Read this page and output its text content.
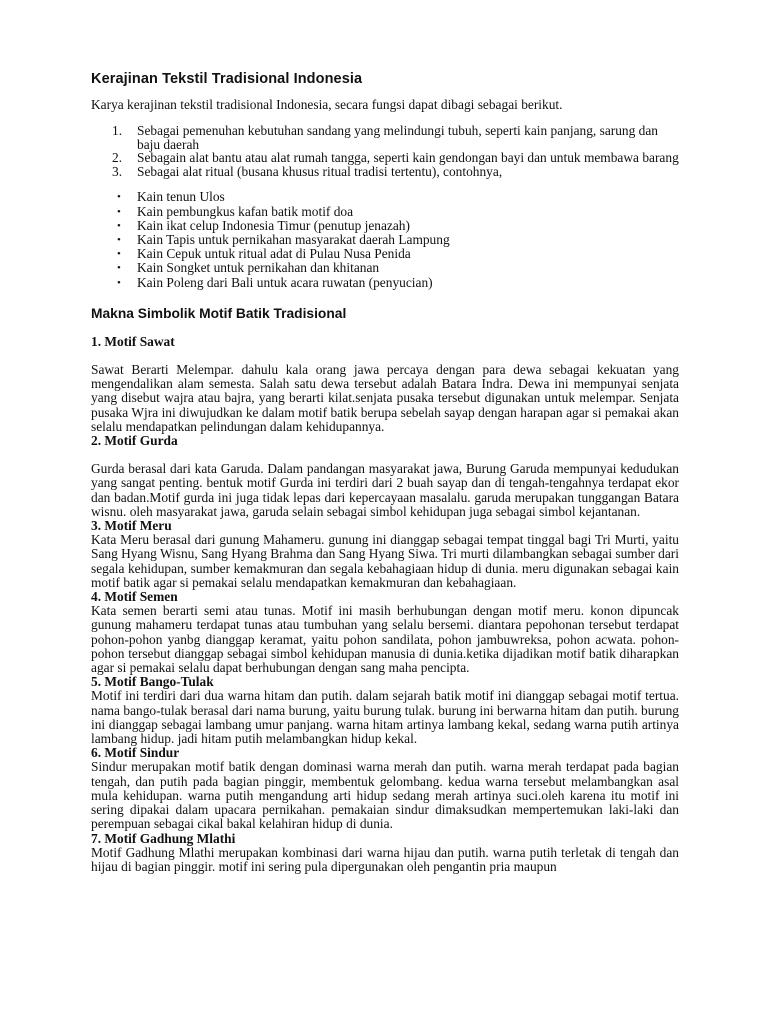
Kerajinan Tekstil Tradisional Indonesia

Karya kerajinan tekstil tradisional Indonesia, secara fungsi dapat dibagi sebagai berikut.

1. Sebagai pemenuhan kebutuhan sandang yang melindungi tubuh, seperti kain panjang, sarung dan baju daerah
2. Sebagain alat bantu atau alat rumah tangga, seperti kain gendongan bayi dan untuk membawa barang
3. Sebagai alat ritual (busana khusus ritual tradisi tertentu), contohnya,
• Kain tenun Ulos
• Kain pembungkus kafan batik motif doa
• Kain ikat celup Indonesia Timur (penutup jenazah)
• Kain Tapis untuk pernikahan masyarakat daerah Lampung
• Kain Cepuk untuk ritual adat di Pulau Nusa Penida
• Kain Songket untuk pernikahan dan khitanan
• Kain Poleng dari Bali untuk acara ruwatan (penyucian)
Makna Simbolik Motif Batik Tradisional

1. Motif Sawat

Sawat Berarti Melempar. dahulu kala orang jawa percaya dengan para dewa sebagai kekuatan yang mengendalikan alam semesta. Salah satu dewa tersebut adalah Batara Indra. Dewa ini mempunyai senjata yang disebut wajra atau bajra, yang berarti kilat.senjata pusaka tersebut digunakan untuk melempar. Senjata pusaka Wjra ini diwujudkan ke dalam motif batik berupa sebelah sayap dengan harapan agar si pemakai akan selalu mendapatkan pelindungan dalam kehidupannya.

2. Motif Gurda

Gurda berasal dari kata Garuda. Dalam pandangan masyarakat jawa, Burung Garuda mempunyai kedudukan yang sangat penting. bentuk motif Gurda ini terdiri dari 2 buah sayap dan di tengah-tengahnya terdapat ekor dan badan.Motif gurda ini juga tidak lepas dari kepercayaan masalalu. garuda merupakan tunggangan Batara wisnu. oleh masyarakat jawa, garuda selain sebagai simbol kehidupan juga sebagai simbol kejantanan.

3. Motif Meru

Kata Meru berasal dari gunung Mahameru. gunung ini dianggap sebagai tempat tinggal bagi Tri Murti, yaitu Sang Hyang Wisnu, Sang Hyang Brahma dan Sang Hyang Siwa. Tri murti dilambangkan sebagai sumber dari segala kehidupan, sumber kemakmuran dan segala kebahagiaan hidup di dunia. meru digunakan sebagai kain motif batik agar si pemakai selalu mendapatkan kemakmuran dan kebahagiaan.

4. Motif Semen

Kata semen berarti semi atau tunas. Motif ini masih berhubungan dengan motif meru. konon dipuncak gunung mahameru terdapat tunas atau tumbuhan yang selalu bersemi. diantara pepohonan tersebut terdapat pohon-pohon yanbg dianggap keramat, yaitu pohon sandilata, pohon jambuwreksa, pohon acwata. pohon-pohon tersebut dianggap sebagai simbol kehidupan manusia di dunia.ketika dijadikan motif batik diharapkan agar si pemakai selalu dapat berhubungan dengan sang maha pencipta.

5. Motif Bango-Tulak

Motif ini terdiri dari dua warna hitam dan putih. dalam sejarah batik motif ini dianggap sebagai motif tertua. nama bango-tulak berasal dari nama burung, yaitu burung tulak. burung ini berwarna hitam dan putih. burung ini dianggap sebagai lambang umur panjang. warna hitam artinya lambang kekal, sedang warna putih artinya lambang hidup. jadi hitam putih melambangkan hidup kekal.

6. Motif Sindur

Sindur merupakan motif batik dengan dominasi warna merah dan putih. warna merah terdapat pada bagian tengah, dan putih pada bagian pinggir, membentuk gelombang. kedua warna tersebut melambangkan asal mula kehidupan. warna putih mengandung arti hidup sedang merah artinya suci.oleh karena itu motif ini sering dipakai dalam upacara pernikahan. pemakaian sindur dimaksudkan mempertemukan laki-laki dan perempuan sebagai cikal bakal kelahiran hidup di dunia.

7. Motif Gadhung Mlathi

Motif Gadhung Mlathi merupakan kombinasi dari warna hijau dan putih. warna putih terletak di tengah dan hijau di bagian pinggir. motif ini sering pula dipergunakan oleh pengantin pria maupun
